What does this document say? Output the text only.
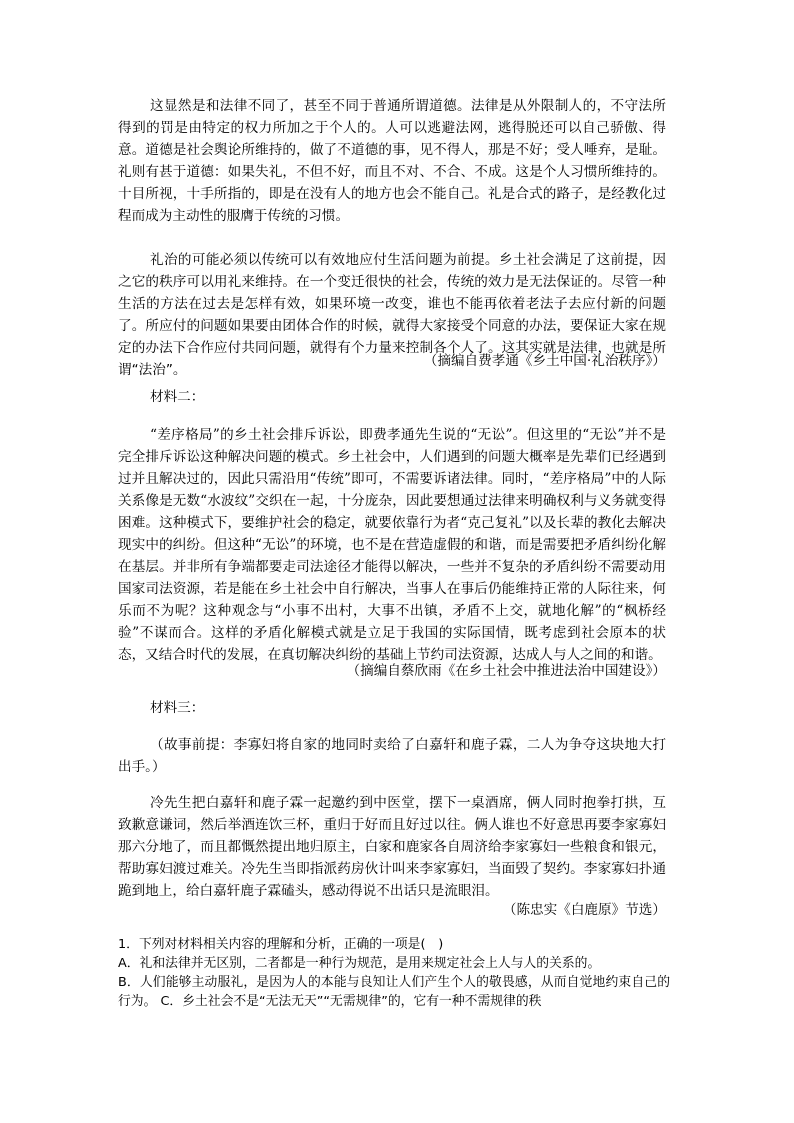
这显然是和法律不同了，甚至不同于普通所谓道德。法律是从外限制人的，不守法所得到的罚是由特定的权力所加之于个人的。人可以逃避法网，逃得脱还可以自己骄傲、得意。道德是社会舆论所维持的，做了不道德的事，见不得人，那是不好；受人唾弃，是耻。礼则有甚于道德：如果失礼，不但不好，而且不对、不合、不成。这是个人习惯所维持的。十目所视，十手所指的，即是在没有人的地方也会不能自己。礼是合式的路子，是经教化过程而成为主动性的服膺于传统的习惯。

礼治的可能必须以传统可以有效地应付生活问题为前提。乡土社会满足了这前提，因之它的秩序可以用礼来维持。在一个变迁很快的社会，传统的效力是无法保证的。尽管一种生活的方法在过去是怎样有效，如果环境一改变，谁也不能再依着老法子去应付新的问题了。所应付的问题如果要由团体合作的时候，就得大家接受个同意的办法，要保证大家在规定的办法下合作应付共同问题，就得有个力量来控制各个人了。这其实就是法律，也就是所谓“法治”。

（摘编自费孝通《乡土中国·礼治秩序》）

材料二：

“差序格局”的乡土社会排斥诉讼，即费孝通先生说的“无讼”。但这里的“无讼”并不是完全排斥诉讼这种解决问题的模式。乡土社会中，人们遇到的问题大概率是先辈们已经遇到过并且解决过的，因此只需沿用“传统”即可，不需要诉诸法律。同时，“差序格局”中的人际关系像是无数“水波纹”交织在一起，十分庞杂，因此要想通过法律来明确权利与义务就变得困难。这种模式下，要维护社会的稳定，就要依靠行为者“克己复礼”以及长辈的教化去解决现实中的纠纷。但这种“无讼”的环境，也不是在营造虚假的和谐，而是需要把矛盾纠纷化解在基层。并非所有争端都要走司法途径才能得以解决，一些并不复杂的矛盾纠纷不需要动用国家司法资源，若是能在乡土社会中自行解决，当事人在事后仍能维持正常的人际往来，何乐而不为呢？这种观念与“小事不出村，大事不出镇，矛盾不上交，就地化解”的“枫桥经验”不谋而合。这样的矛盾化解模式就是立足于我国的实际国情，既考虑到社会原本的状态，又结合时代的发展，在真切解决纠纷的基础上节约司法资源，达成人与人之间的和谐。

（摘编自蔡欣雨《在乡土社会中推进法治中国建设》）

材料三：

（故事前提：李寡妇将自家的地同时卖给了白嘉轩和鹿子霖，二人为争夺这块地大打出手。）

冷先生把白嘉轩和鹿子霖一起邀约到中医堂，摆下一桌酒席，俩人同时抱拳打拱，互致歉意谦词，然后举酒连饮三杯，重归于好而且好过以往。俩人谁也不好意思再要李家寡妇那六分地了，而且都慨然提出地归原主，白家和鹿家各自周济给李家寡妇一些粮食和银元，帮助寡妇渡过难关。冷先生当即指派药房伙计叫来李家寡妇，当面毁了契约。李家寡妇扑通跪到地上，给白嘉轩鹿子霖磕头，感动得说不出话只是流眼泪。

（陈忠实《白鹿原》节选）

1．下列对材料相关内容的理解和分析，正确的一项是(　)

A．礼和法律并无区别，二者都是一种行为规范，是用来规定社会上人与人的关系的。

B．人们能够主动服礼，是因为人的本能与良知让人们产生个人的敬畏感，从而自觉地约束自己的行为。 C．乡土社会不是“无法无天”“无需规律”的，它有一种不需规律的秩
